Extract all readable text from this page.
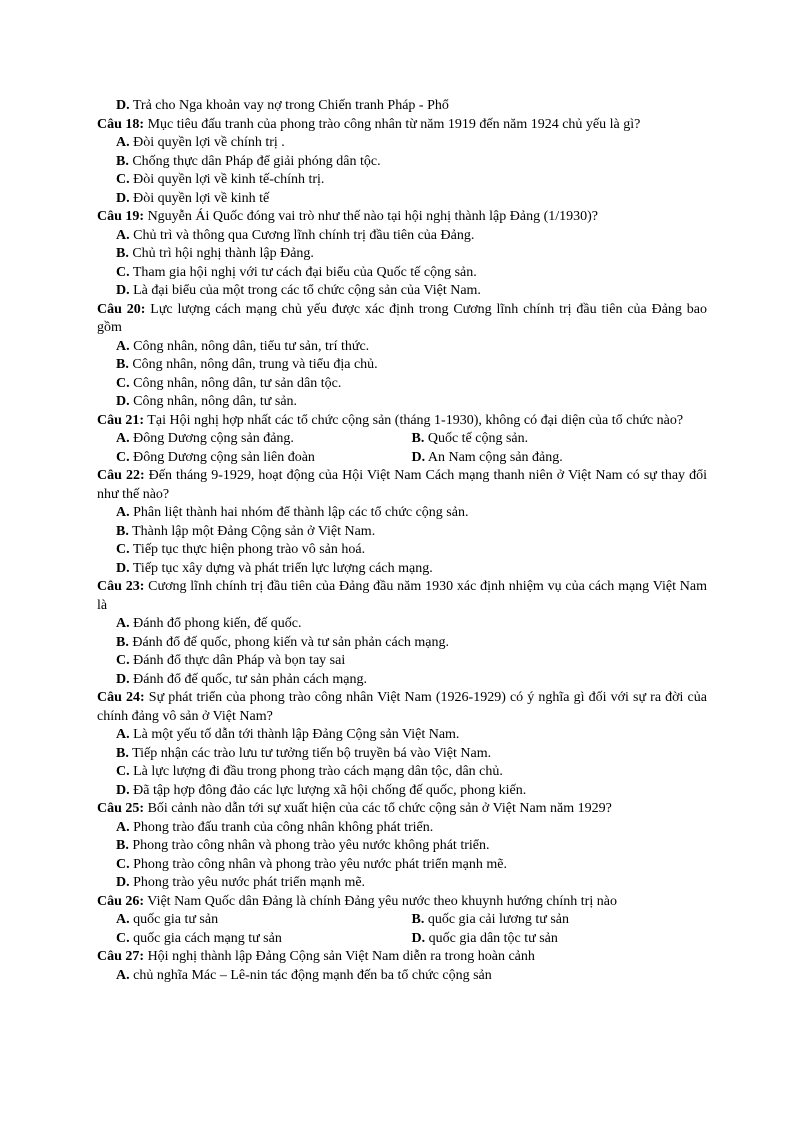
D. Trả cho Nga khoản vay nợ trong Chiến tranh Pháp - Phổ
Câu 18: Mục tiêu đấu tranh của phong trào công nhân từ năm 1919 đến năm 1924 chủ yếu là gì?
A. Đòi quyền lợi về chính trị .
B. Chống thực dân Pháp để giải phóng dân tộc.
C. Đòi quyền lợi về kinh tế-chính trị.
D. Đòi quyền lợi về kinh tế
Câu 19: Nguyễn Ái Quốc đóng vai trò như thế nào tại hội nghị thành lập Đảng (1/1930)?
A. Chủ trì và thông qua Cương lĩnh chính trị đầu tiên của Đảng.
B. Chủ trì hội nghị thành lập Đảng.
C. Tham gia hội nghị với tư cách đại biểu của Quốc tế cộng sản.
D. Là đại biểu của một trong các tổ chức cộng sản của Việt Nam.
Câu 20: Lực lượng cách mạng chủ yếu được xác định trong Cương lĩnh chính trị đầu tiên của Đảng bao gồm
A. Công nhân, nông dân, tiểu tư sản, trí thức.
B. Công nhân, nông dân, trung và tiểu địa chủ.
C. Công nhân, nông dân, tư sản dân tộc.
D. Công nhân, nông dân, tư sản.
Câu 21: Tại Hội nghị hợp nhất các tổ chức cộng sản (tháng 1-1930), không có đại diện của tổ chức nào?
A. Đông Dương cộng sản đảng.	B. Quốc tế cộng sản.
C. Đông Dương cộng sản liên đoàn	D. An Nam cộng sản đảng.
Câu 22: Đến tháng 9-1929, hoạt động của Hội Việt Nam Cách mạng thanh niên ở Việt Nam có sự thay đổi như thế nào?
A. Phân liệt thành hai nhóm để thành lập các tổ chức cộng sản.
B. Thành lập một Đảng Cộng sản ở Việt Nam.
C. Tiếp tục thực hiện phong trào vô sản hoá.
D. Tiếp tục xây dựng và phát triển lực lượng cách mạng.
Câu 23: Cương lĩnh chính trị đầu tiên của Đảng đầu năm 1930 xác định nhiệm vụ của cách mạng Việt Nam là
A. Đánh đổ phong kiến, đế quốc.
B. Đánh đổ đế quốc, phong kiến và tư sản phản cách mạng.
C. Đánh đổ thực dân Pháp và bọn tay sai
D. Đánh đổ đế quốc, tư sản phản cách mạng.
Câu 24: Sự phát triển của phong trào công nhân Việt Nam (1926-1929) có ý nghĩa gì đối với sự ra đời của chính đảng vô sản ở Việt Nam?
A. Là một yếu tố dẫn tới thành lập Đảng Cộng sản Việt Nam.
B. Tiếp nhận các trào lưu tư tưởng tiến bộ truyền bá vào Việt Nam.
C. Là lực lượng đi đầu trong phong trào cách mạng dân tộc, dân chủ.
D. Đã tập hợp đông đảo các lực lượng xã hội chống đế quốc, phong kiến.
Câu 25: Bối cảnh nào dẫn tới sự xuất hiện của các tổ chức cộng sản ở Việt Nam năm 1929?
A. Phong trào đấu tranh của công nhân không phát triển.
B. Phong trào công nhân và phong trào yêu nước không phát triển.
C. Phong trào công nhân và phong trào yêu nước phát triển mạnh mẽ.
D. Phong trào yêu nước phát triển mạnh mẽ.
Câu 26: Việt Nam Quốc dân Đảng là chính Đảng yêu nước theo khuynh hướng chính trị nào
A. quốc gia tư sản	B. quốc gia cải lương tư sản
C. quốc gia cách mạng tư sản	D. quốc gia dân tộc tư sản
Câu 27: Hội nghị thành lập Đảng Cộng sản Việt Nam diễn ra trong hoàn cảnh
A. chủ nghĩa Mác – Lê-nin tác động mạnh đến ba tổ chức cộng sản
